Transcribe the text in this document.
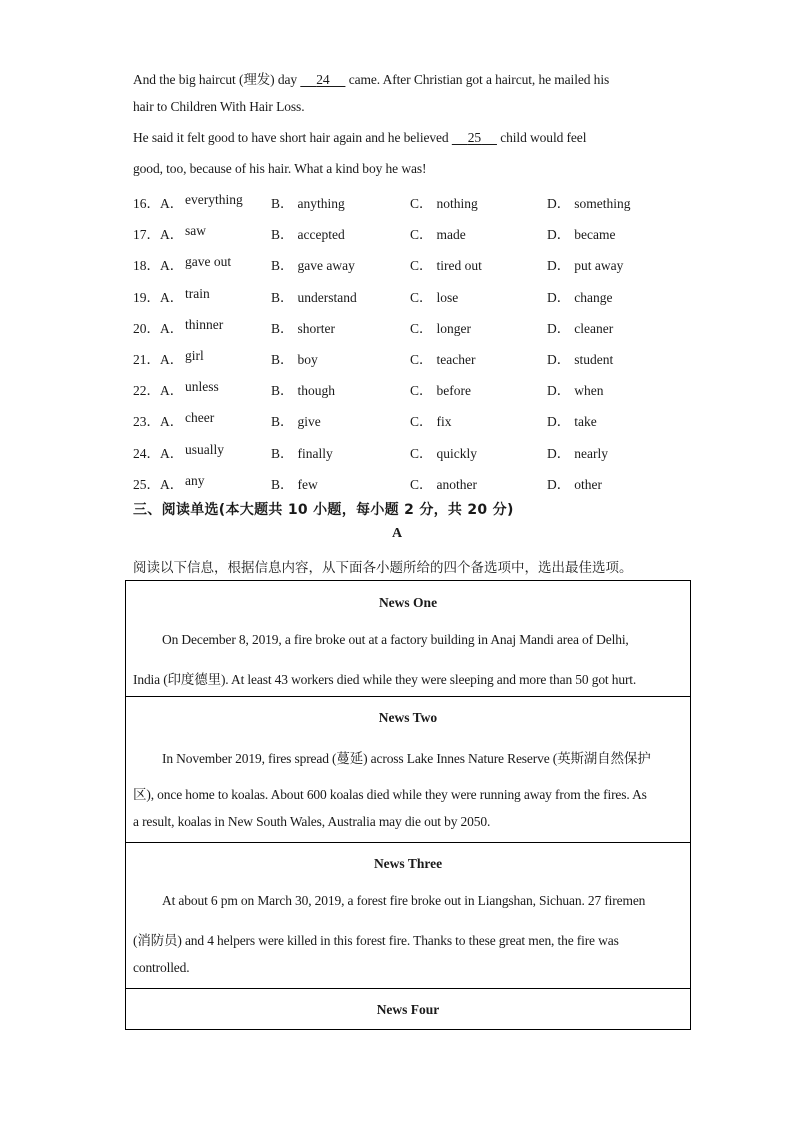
And the big haircut (理发) day    24    came. After Christian got a haircut, he mailed his
hair to Children With Hair Loss.
He said it felt good to have short hair again and he believed    25    child would feel
good, too, because of his hair. What a kind boy he was!
16．A． everything B． anything	C． nothing	D． something
17．A． saw	B． accepted	C． made	D． became
18．A． gave out	B． gave away	C． tired out	D． put away
19．A． train	B． understand	C． lose	D． change
20．A． thinner	B． shorter	C． longer	D． cleaner
21．A． girl	B． boy	C． teacher	D． student
22．A． unless	B． though	C． before	D． when
23．A． cheer	B． give	C． fix	D． take
24．A． usually	B． finally	C． quickly	D． nearly
25．A． any	B． few	C． another	D． other
三、阅读单选(本大题共 10 小题，每小题 2 分，共 20 分)
A
阅读以下信息，根据信息内容，从下面各小题所给的四个备选项中，选出最佳选项。
News One
On December 8, 2019, a fire broke out at a factory building in Anaj Mandi area of Delhi,
India (印度德里). At least 43 workers died while they were sleeping and more than 50 got hurt.
News Two
In November 2019, fires spread (蔓延) across Lake Innes Nature Reserve (英斯湖自然保护
区), once home to koalas. About 600 koalas died while they were running away from the fires. As
a result, koalas in New South Wales, Australia may die out by 2050.
News Three
At about 6 pm on March 30, 2019, a forest fire broke out in Liangshan, Sichuan. 27 firemen
(消防员) and 4 helpers were killed in this forest fire. Thanks to these great men, the fire was
controlled.
News Four
